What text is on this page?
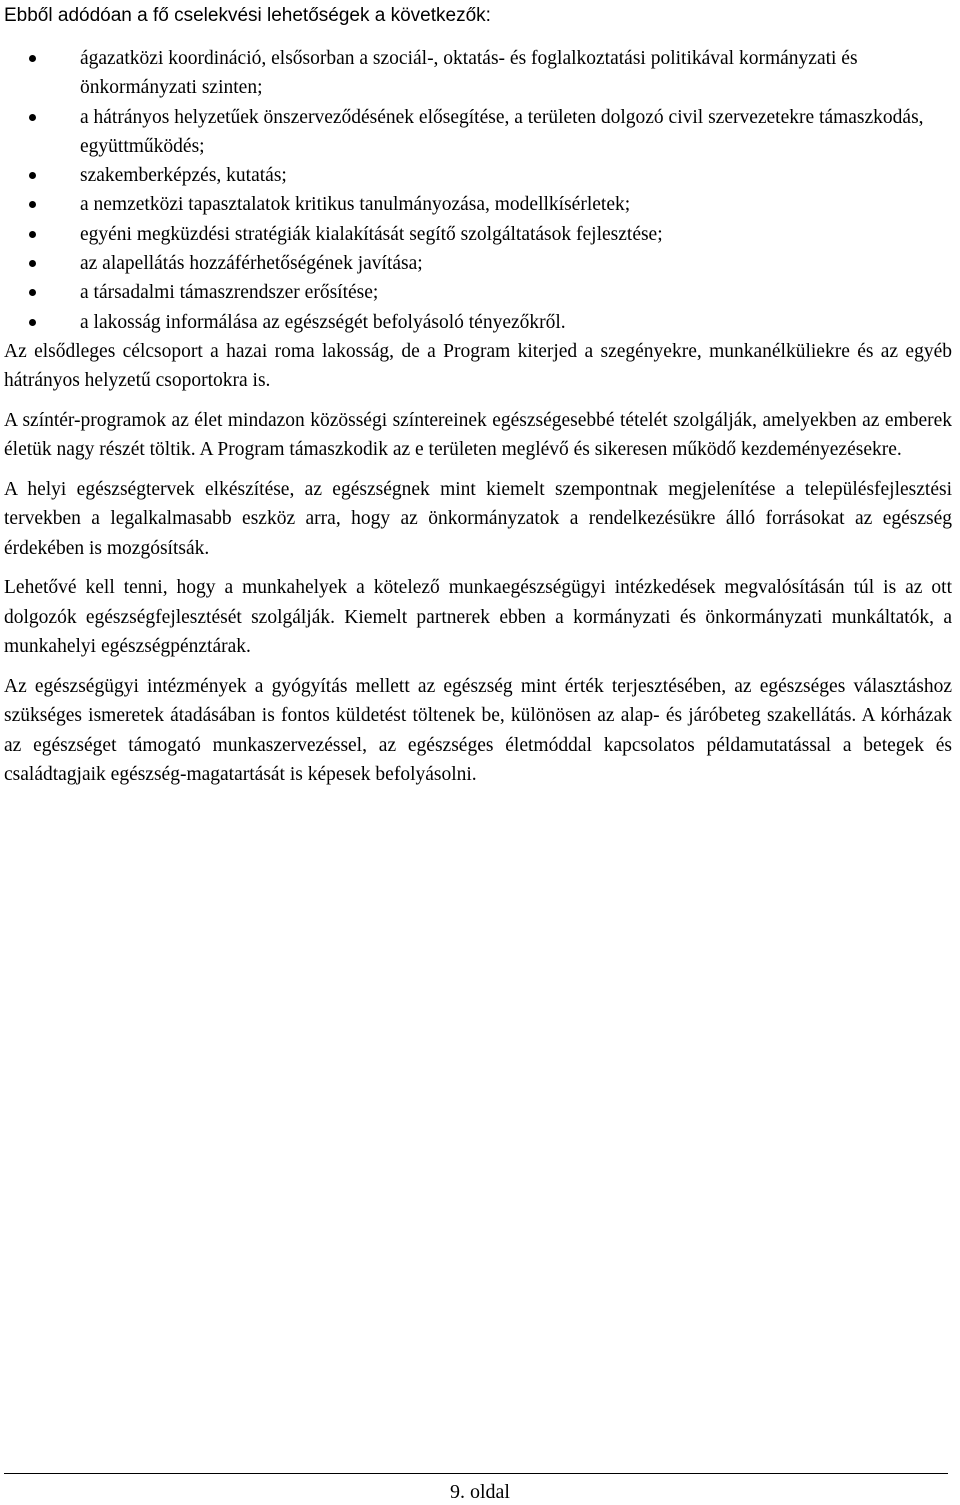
Ebből adódóan a fő cselekvési lehetőségek a következők:

ágazatközi koordináció, elsősorban a szociál-, oktatás- és foglalkoztatási politikával kormányzati és önkormányzati szinten;
a hátrányos helyzetűek önszerveződésének elősegítése, a területen dolgozó civil szervezetekre támaszkodás, együttműködés;
szakemberképzés, kutatás;
a nemzetközi tapasztalatok kritikus tanulmányozása, modellkísérletek;
egyéni megküzdési stratégiák kialakítását segítő szolgáltatások fejlesztése;
az alapellátás hozzáférhetőségének javítása;
a társadalmi támaszrendszer erősítése;
a lakosság informálása az egészségét befolyásoló tényezőkről.

Az elsődleges célcsoport a hazai roma lakosság, de a Program kiterjed a szegényekre, munkanélküliekre és az egyéb hátrányos helyzetű csoportokra is.

A színtér-programok az élet mindazon közösségi színtereinek egészségesebbé tételét szolgálják, amelyekben az emberek életük nagy részét töltik. A Program támaszkodik az e területen meglévő és sikeresen működő kezdeményezésekre.

A helyi egészségtervek elkészítése, az egészségnek mint kiemelt szempontnak megjelenítése a településfejlesztési tervekben a legalkalmasabb eszköz arra, hogy az önkormányzatok a rendelkezésükre álló forrásokat az egészség érdekében is mozgósítsák.

Lehetővé kell tenni, hogy a munkahelyek a kötelező munkaegészségügyi intézkedések megvalósításán túl is az ott dolgozók egészségfejlesztését szolgálják. Kiemelt partnerek ebben a kormányzati és önkormányzati munkáltatók, a munkahelyi egészségpénztárak.

Az egészségügyi intézmények a gyógyítás mellett az egészség mint érték terjesztésében, az egészséges választáshoz szükséges ismeretek átadásában is fontos küldetést töltenek be, különösen az alap- és járóbeteg szakellátás. A kórházak az egészséget támogató munkaszervezéssel, az egészséges életmóddal kapcsolatos példamutatással a betegek és családtagjaik egészség-magatartását is képesek befolyásolni.

9. oldal
